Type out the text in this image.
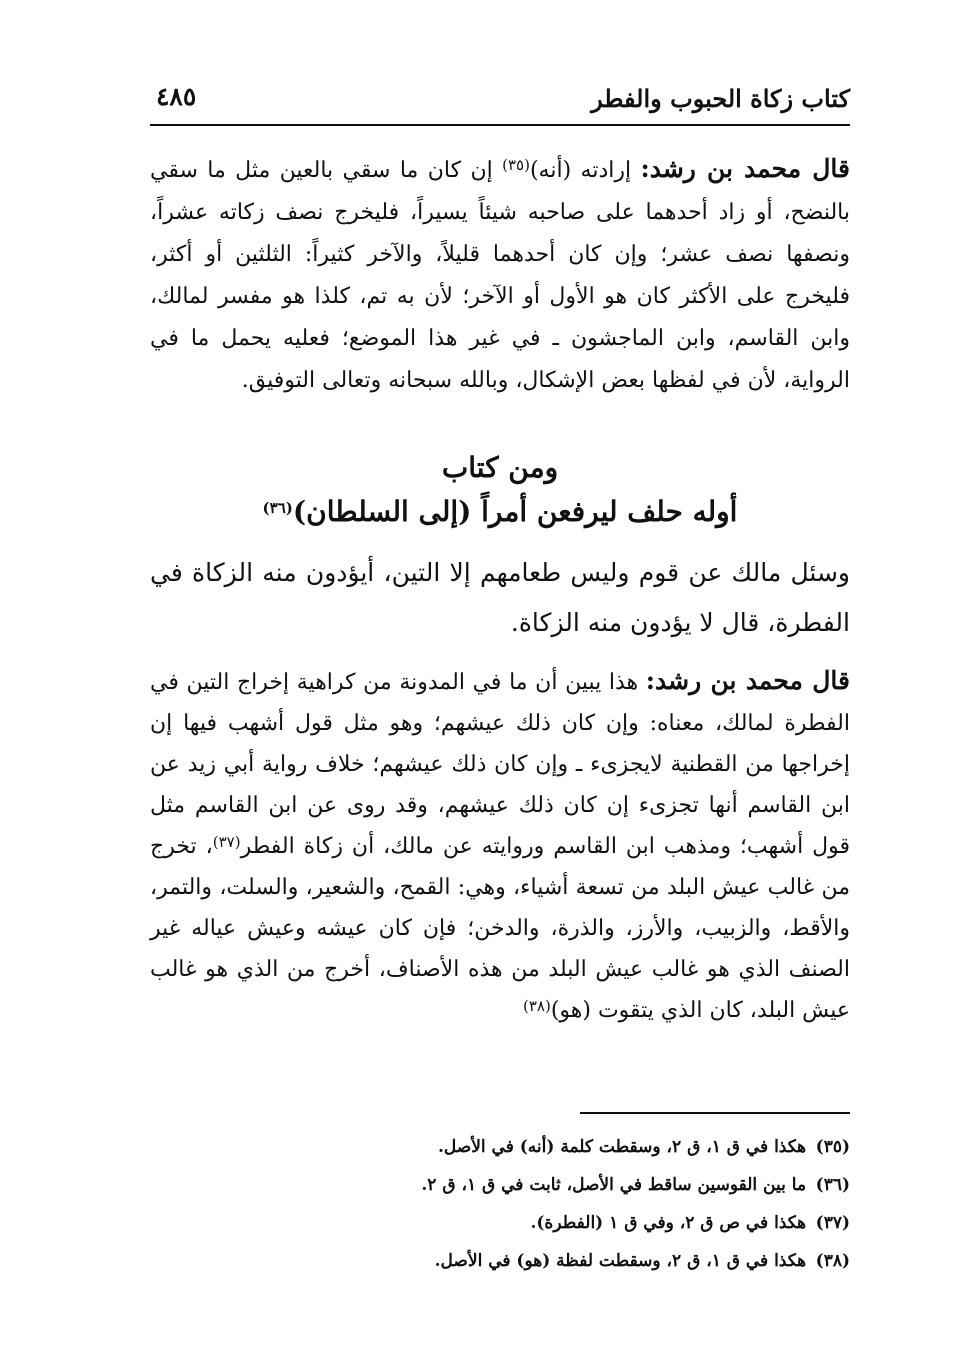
كتاب زكاة الحبوب والفطر
٤٨٥

قال محمد بن رشد: إرادته (أنه)$^{(٣٥)}$ إن كان ما سقي بالعين مثل ما سقي بالنضح، أو زاد أحدهما على صاحبه شيئاً يسيراً، فليخرج نصف زكاته عشراً، ونصفها نصف عشر؛ وإن كان أحدهما قليلاً، والآخر كثيراً: الثلثين أو أكثر، فليخرج على الأكثر كان هو الأول أو الآخر؛ لأن به تم، كلذا هو مفسر لمالك، وابن القاسم، وابن الماجشون ـ في غير هذا الموضع؛ فعليه يحمل ما في الرواية، لأن في لفظها بعض الإشكال، وبالله سبحانه وتعالى التوفيق.

ومن كتاب
أوله حلف ليرفعن أمراً (إلى السلطان)$^{(٣٦)}$

وسئل مالك عن قوم وليس طعامهم إلا التين، أيؤدون منه الزكاة في الفطرة، قال لا يؤدون منه الزكاة.

قال محمد بن رشد: هذا يبين أن ما في المدونة من كراهية إخراج التين في الفطرة لمالك، معناه: وإن كان ذلك عيشهم؛ وهو مثل قول أشهب فيها إن إخراجها من القطنية لايجزىء ـ وإن كان ذلك عيشهم؛ خلاف رواية أبي زيد عن ابن القاسم أنها تجزىء إن كان ذلك عيشهم، وقد روى عن ابن القاسم مثل قول أشهب؛ ومذهب ابن القاسم وروايته عن مالك، أن زكاة الفطر$^{(٣٧)}$، تخرج من غالب عيش البلد من تسعة أشياء، وهي: القمح، والشعير، والسلت، والتمر، والأقط، والزبيب، والأرز، والذرة، والدخن؛ فإن كان عيشه وعيش عياله غير الصنف الذي هو غالب عيش البلد من هذه الأصناف، أخرج من الذي هو غالب عيش البلد، كان الذي يتقوت (هو)$^{(٣٨)}$

(٣٥) هكذا في ق ١، ق ٢، وسقطت كلمة (أنه) في الأصل.
(٣٦) ما بين القوسين ساقط في الأصل، ثابت في ق ١، ق ٢.
(٣٧) هكذا في ص ق ٢، وفي ق ١ (الفطرة).
(٣٨) هكذا في ق ١، ق ٢، وسقطت لفظة (هو) في الأصل.
